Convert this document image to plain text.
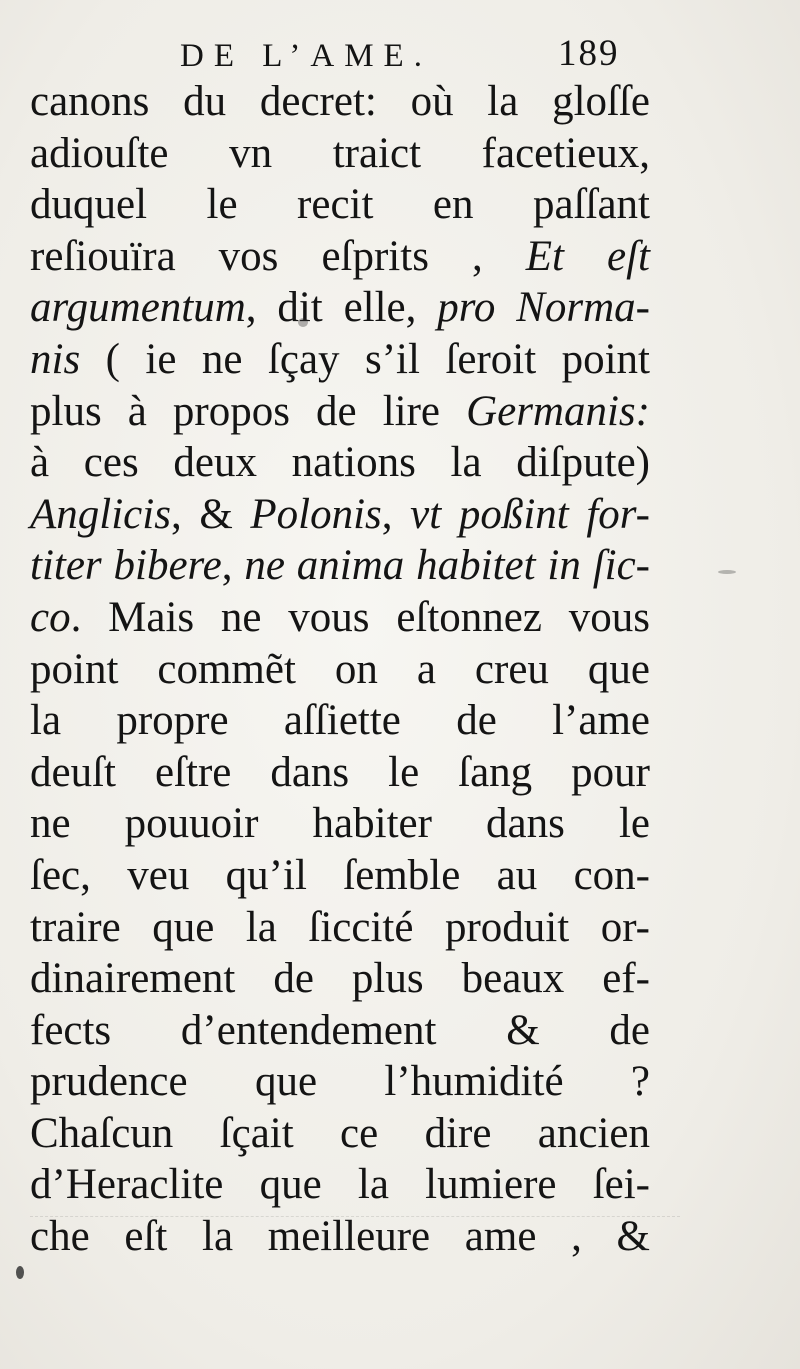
DE L’AME.	189
canons du decret: où la gloſſe
adiouſte vn traict facetieux,
duquel le recit en paſſant
reſiouïra vos eſprits , Et eſt
argumentum, dit elle, pro Norma-
nis ( ie ne ſçay s’il ſeroit point
plus à propos de lire Germanis:
à ces deux nations la diſpute)
Anglicis, & Polonis, vt poßint for-
titer bibere, ne anima habitet in ſic-
co. Mais ne vous eſtonnez vous
point commẽt on a creu que
la propre aſſiette de l’ame
deuſt eſtre dans le ſang pour
ne pouuoir habiter dans le
ſec, veu qu’il ſemble au con-
traire que la ſiccité produit or-
dinairement de plus beaux ef-
fects d’entendement & de
prudence que l’humidité ?
Chaſcun ſçait ce dire ancien
d’Heraclite que la lumiere ſei-
che eſt la meilleure ame , &
